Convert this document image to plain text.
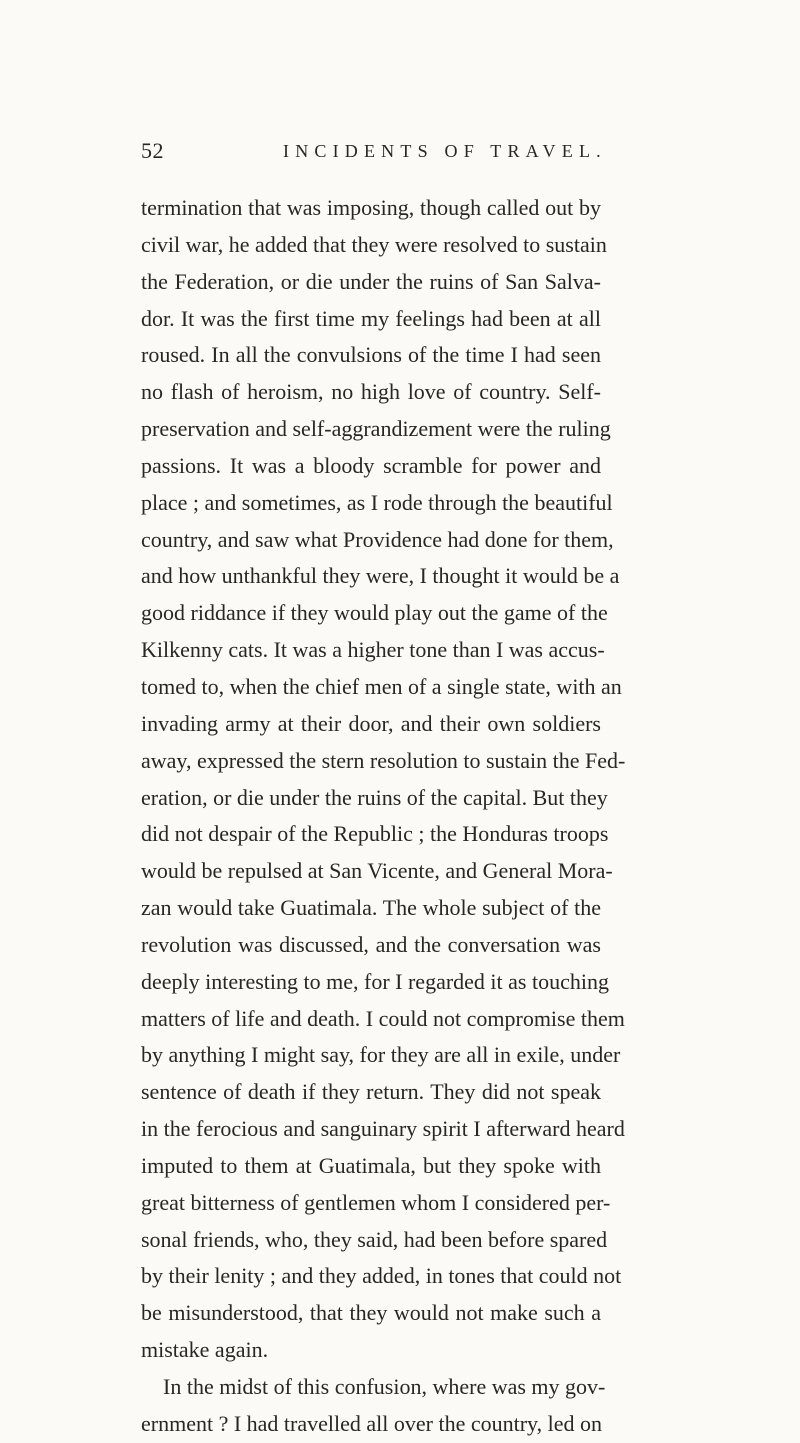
52	INCIDENTS OF TRAVEL.
termination that was imposing, though called out by
civil war, he added that they were resolved to sustain
the Federation, or die under the ruins of San Salva-
dor. It was the first time my feelings had been at all
roused. In all the convulsions of the time I had seen
no flash of heroism, no high love of country. Self-
preservation and self-aggrandizement were the ruling
passions. It was a bloody scramble for power and
place ; and sometimes, as I rode through the beautiful
country, and saw what Providence had done for them,
and how unthankful they were, I thought it would be a
good riddance if they would play out the game of the
Kilkenny cats. It was a higher tone than I was accus-
tomed to, when the chief men of a single state, with an
invading army at their door, and their own soldiers
away, expressed the stern resolution to sustain the Fed-
eration, or die under the ruins of the capital. But they
did not despair of the Republic ; the Honduras troops
would be repulsed at San Vicente, and General Mora-
zan would take Guatimala. The whole subject of the
revolution was discussed, and the conversation was
deeply interesting to me, for I regarded it as touching
matters of life and death. I could not compromise them
by anything I might say, for they are all in exile, under
sentence of death if they return. They did not speak
in the ferocious and sanguinary spirit I afterward heard
imputed to them at Guatimala, but they spoke with
great bitterness of gentlemen whom I considered per-
sonal friends, who, they said, had been before spared
by their lenity ; and they added, in tones that could not
be misunderstood, that they would not make such a
mistake again.
In the midst of this confusion, where was my gov-
ernment ? I had travelled all over the country, led on
